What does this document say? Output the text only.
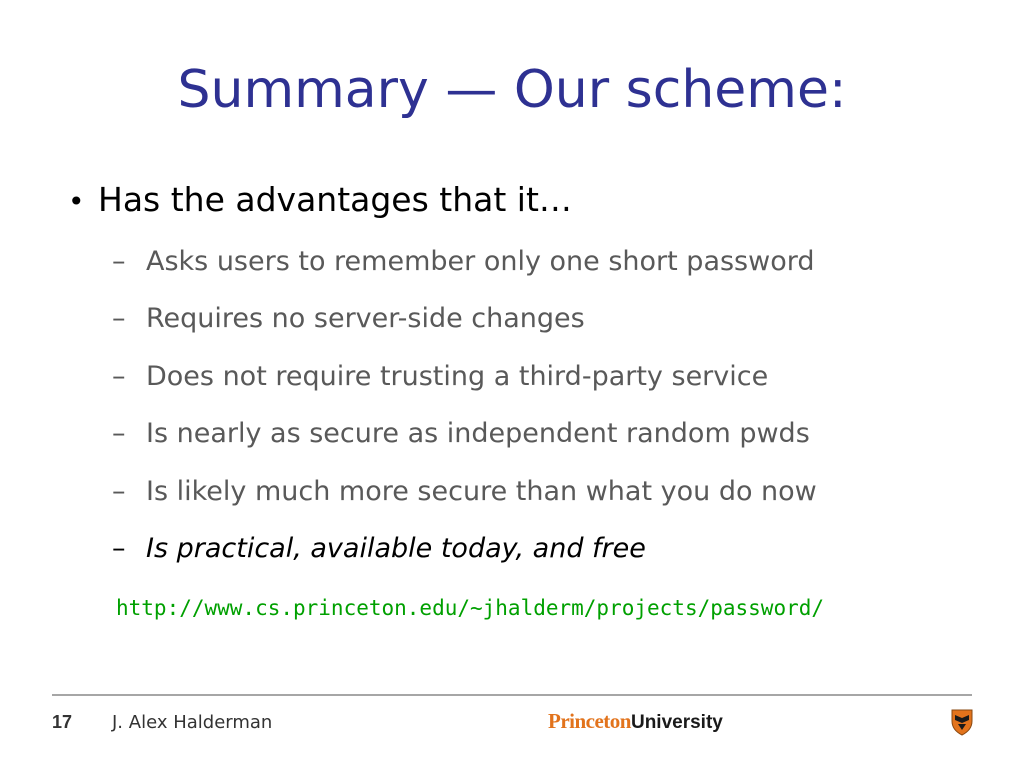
Summary — Our scheme:
• Has the advantages that it…
– Asks users to remember only one short password
– Requires no server-side changes
– Does not require trusting a third-party service
– Is nearly as secure as independent random pwds
– Is likely much more secure than what you do now
– Is practical, available today, and free
http://www.cs.princeton.edu/~jhalderm/projects/password/
17 J. Alex Halderman	PrincetonUniversity
